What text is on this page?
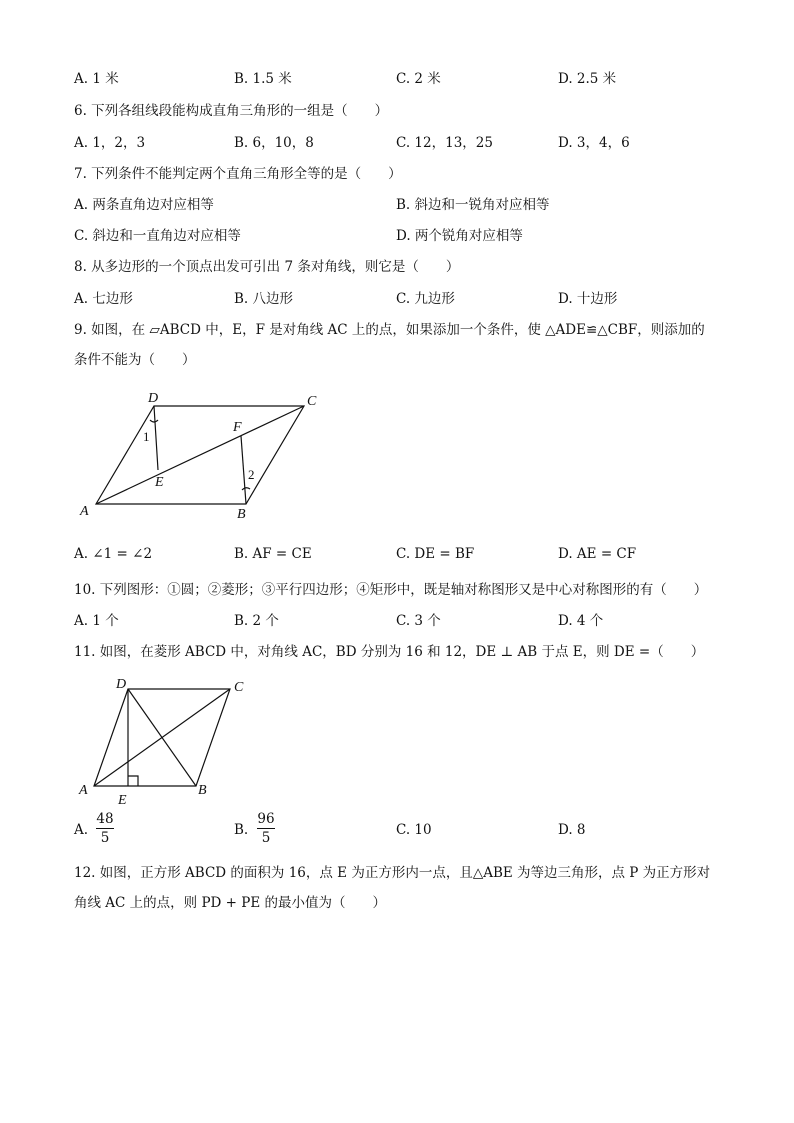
A. 1 米	B. 1.5 米	C. 2 米	D. 2.5 米
6. 下列各组线段能构成直角三角形的一组是（　　）
A. 1，2，3	B. 6，10，8	C. 12，13，25	D. 3，4，6
7. 下列条件不能判定两个直角三角形全等的是（　　）
A. 两条直角边对应相等	B. 斜边和一锐角对应相等
C. 斜边和一直角边对应相等	D. 两个锐角对应相等
8. 从多边形的一个顶点出发可引出 7 条对角线，则它是（　　）
A. 七边形	B. 八边形	C. 九边形	D. 十边形
9. 如图，在 ▱ABCD 中，E，F 是对角线 AC 上的点，如果添加一个条件，使 △ADE≌△CBF，则添加的
条件不能为（　　）
D	C
F
E
A	B
1
2
A. ∠1 = ∠2	B. AF = CE	C. DE = BF	D. AE = CF
10. 下列图形：①圆；②菱形；③平行四边形；④矩形中，既是轴对称图形又是中心对称图形的有（　　）
A. 1 个	B. 2 个	C. 3 个	D. 4 个
11. 如图，在菱形 ABCD 中，对角线 AC，BD 分别为 16 和 12，DE ⊥ AB 于点 E，则 DE =（　　）
D	C
A	B
E
A.
48
5	B.
96
5	C. 10	D. 8
12. 如图，正方形 ABCD 的面积为 16，点 E 为正方形内一点，且△ABE 为等边三角形，点 P 为正方形对
角线 AC 上的点，则 PD + PE 的最小值为（　　）
